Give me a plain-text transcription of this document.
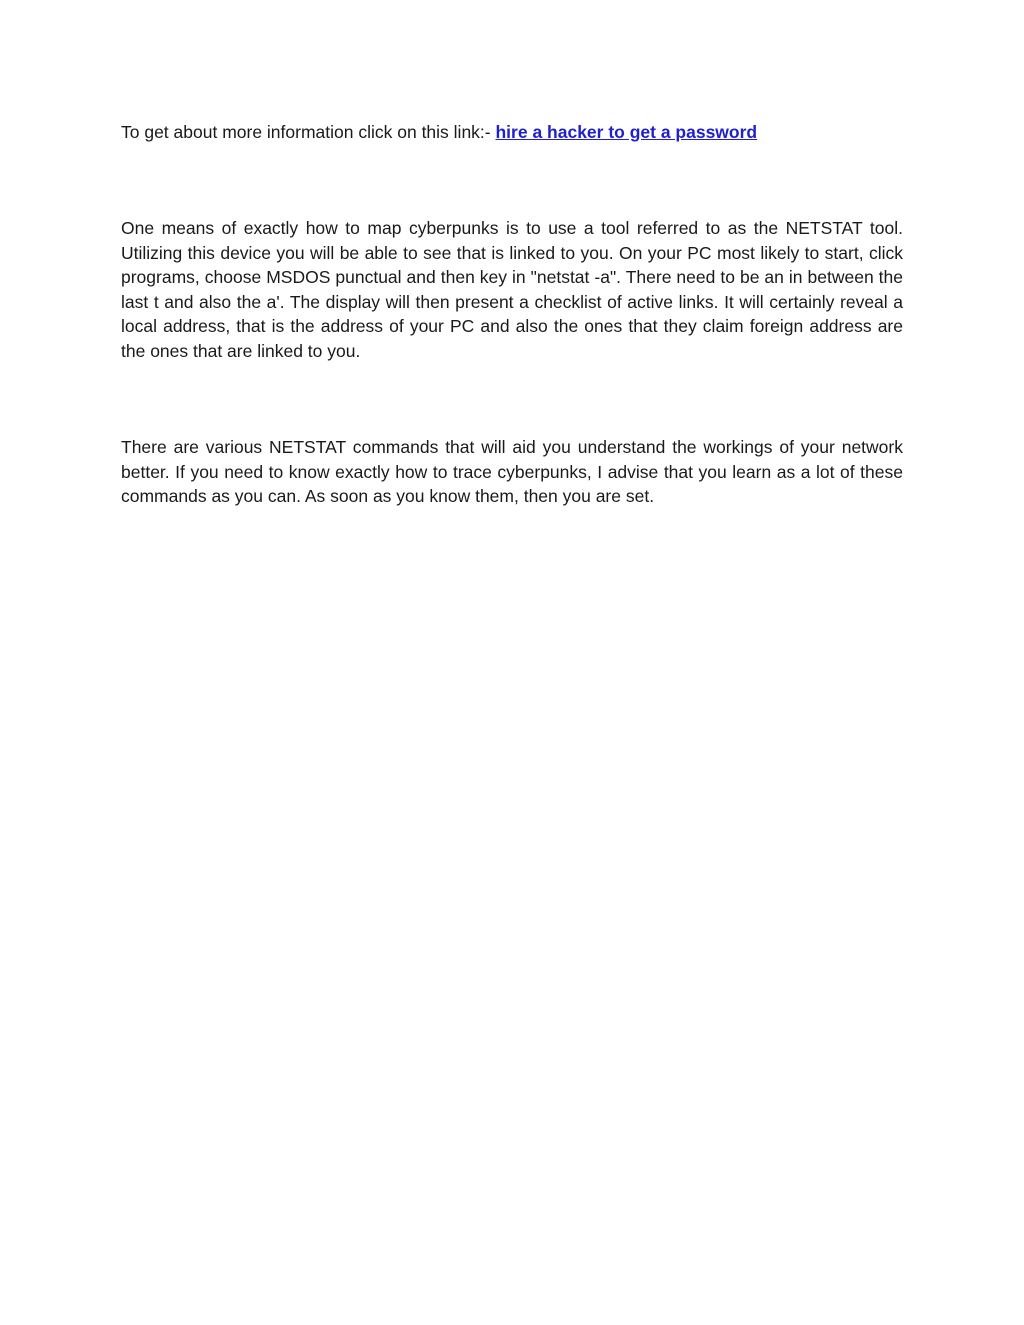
To get about more information click on this link:- hire a hacker to get a password

One means of exactly how to map cyberpunks is to use a tool referred to as the NETSTAT tool. Utilizing this device you will be able to see that is linked to you. On your PC most likely to start, click programs, choose MSDOS punctual and then key in "netstat -a". There need to be an in between the last t and also the a'. The display will then present a checklist of active links. It will certainly reveal a local address, that is the address of your PC and also the ones that they claim foreign address are the ones that are linked to you.

There are various NETSTAT commands that will aid you understand the workings of your network better. If you need to know exactly how to trace cyberpunks, I advise that you learn as a lot of these commands as you can. As soon as you know them, then you are set.
